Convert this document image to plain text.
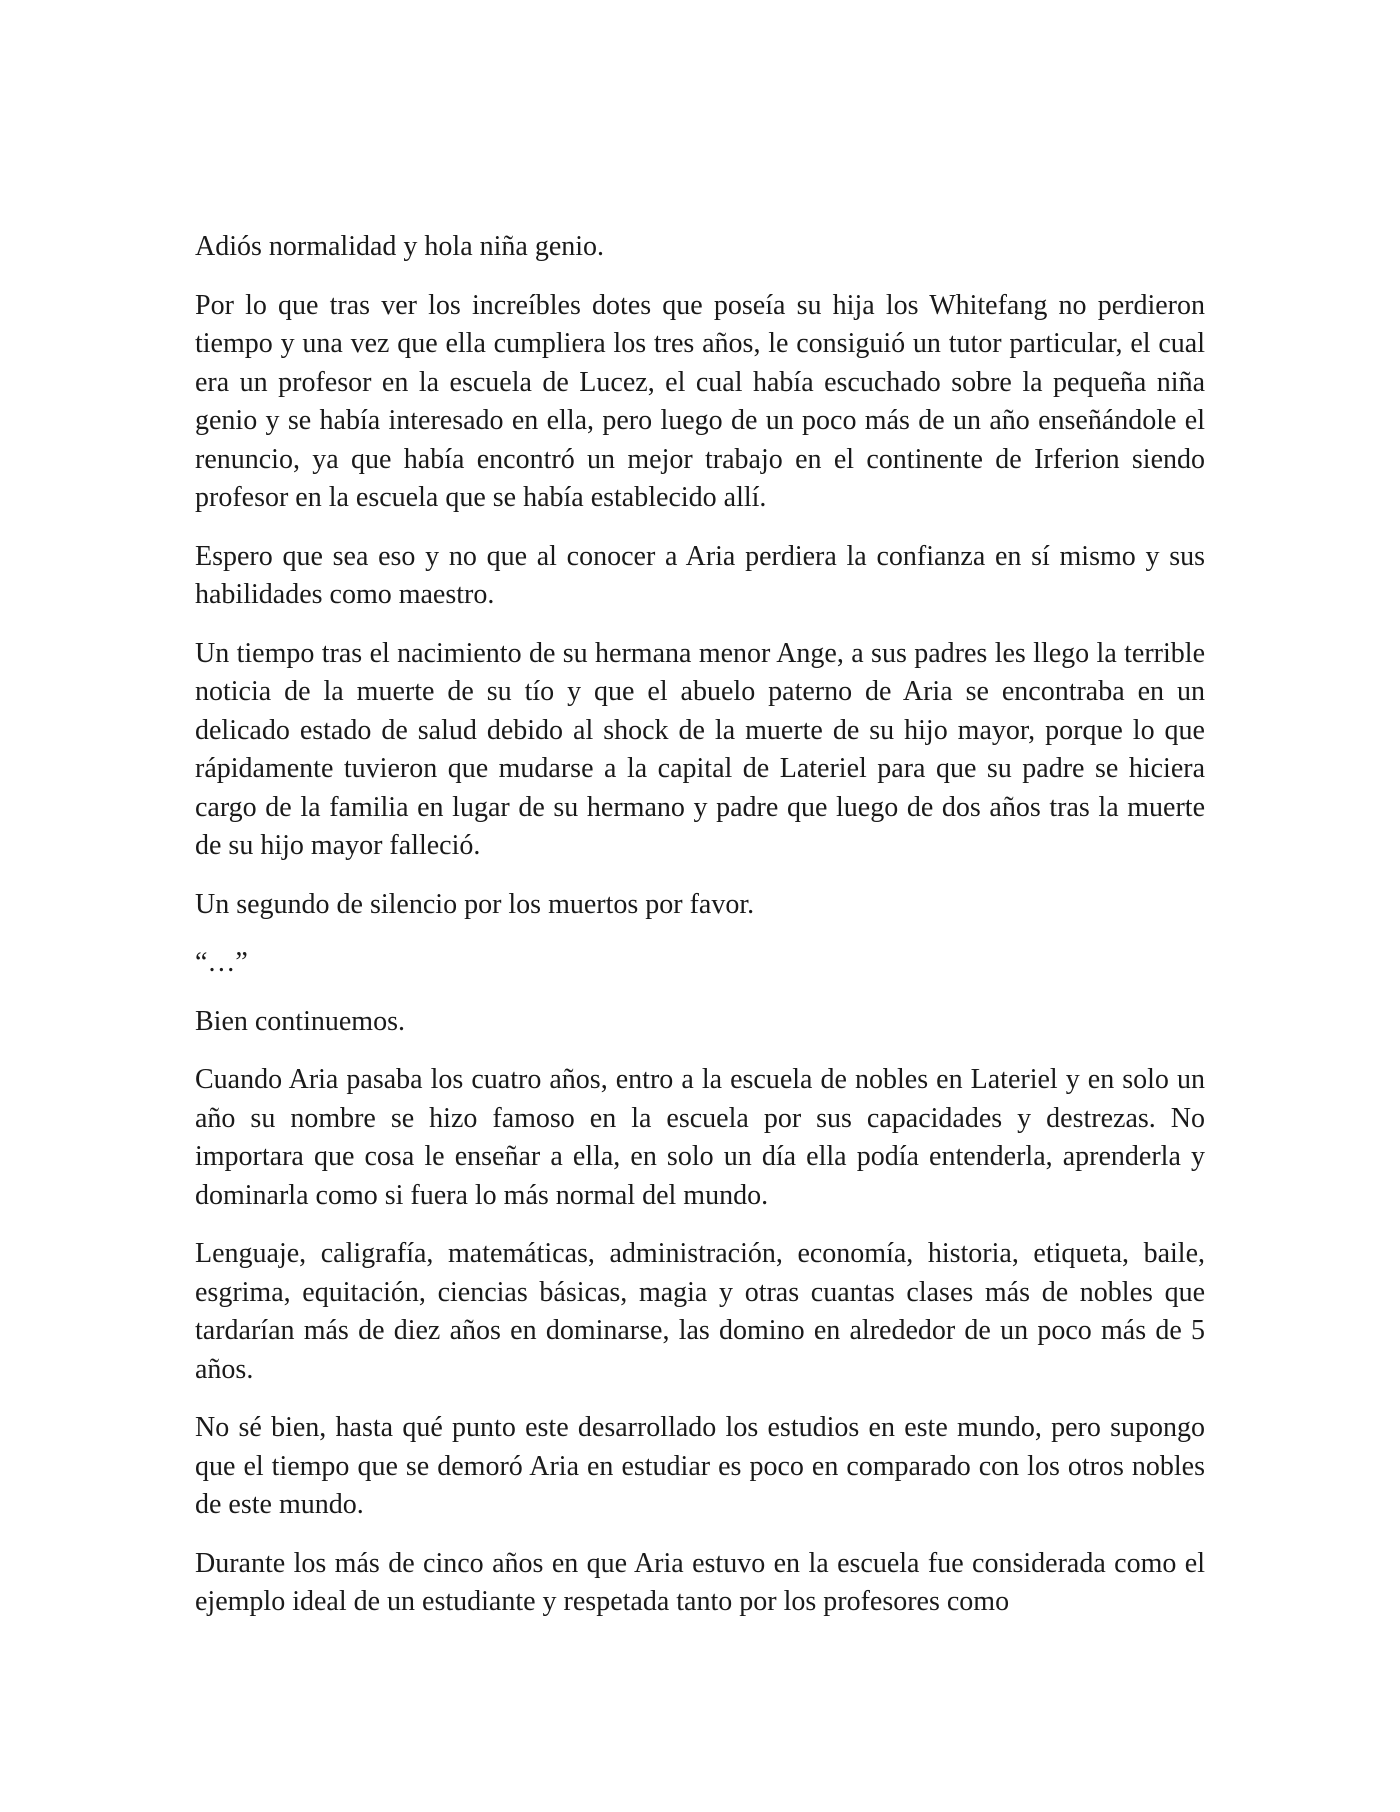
Adiós normalidad y hola niña genio.

Por lo que tras ver los increíbles dotes que poseía su hija los Whitefang no perdieron tiempo y una vez que ella cumpliera los tres años, le consiguió un tutor particular, el cual era un profesor en la escuela de Lucez, el cual había escuchado sobre la pequeña niña genio y se había interesado en ella, pero luego de un poco más de un año enseñándole el renuncio, ya que había encontró un mejor trabajo en el continente de Irferion siendo profesor en la escuela que se había establecido allí.

Espero que sea eso y no que al conocer a Aria perdiera la confianza en sí mismo y sus habilidades como maestro.

Un tiempo tras el nacimiento de su hermana menor Ange, a sus padres les llego la terrible noticia de la muerte de su tío y que el abuelo paterno de Aria se encontraba en un delicado estado de salud debido al shock de la muerte de su hijo mayor, porque lo que rápidamente tuvieron que mudarse a la capital de Lateriel para que su padre se hiciera cargo de la familia en lugar de su hermano y padre que luego de dos años tras la muerte de su hijo mayor falleció.

Un segundo de silencio por los muertos por favor.

“…”

Bien continuemos.

Cuando Aria pasaba los cuatro años, entro a la escuela de nobles en Lateriel y en solo un año su nombre se hizo famoso en la escuela por sus capacidades y destrezas. No importara que cosa le enseñar a ella, en solo un día ella podía entenderla, aprenderla y dominarla como si fuera lo más normal del mundo.

Lenguaje, caligrafía, matemáticas, administración, economía, historia, etiqueta, baile, esgrima, equitación, ciencias básicas, magia y otras cuantas clases más de nobles que tardarían más de diez años en dominarse, las domino en alrededor de un poco más de 5 años.

No sé bien, hasta qué punto este desarrollado los estudios en este mundo, pero supongo que el tiempo que se demoró Aria en estudiar es poco en comparado con los otros nobles de este mundo.

Durante los más de cinco años en que Aria estuvo en la escuela fue considerada como el ejemplo ideal de un estudiante y respetada tanto por los profesores como
